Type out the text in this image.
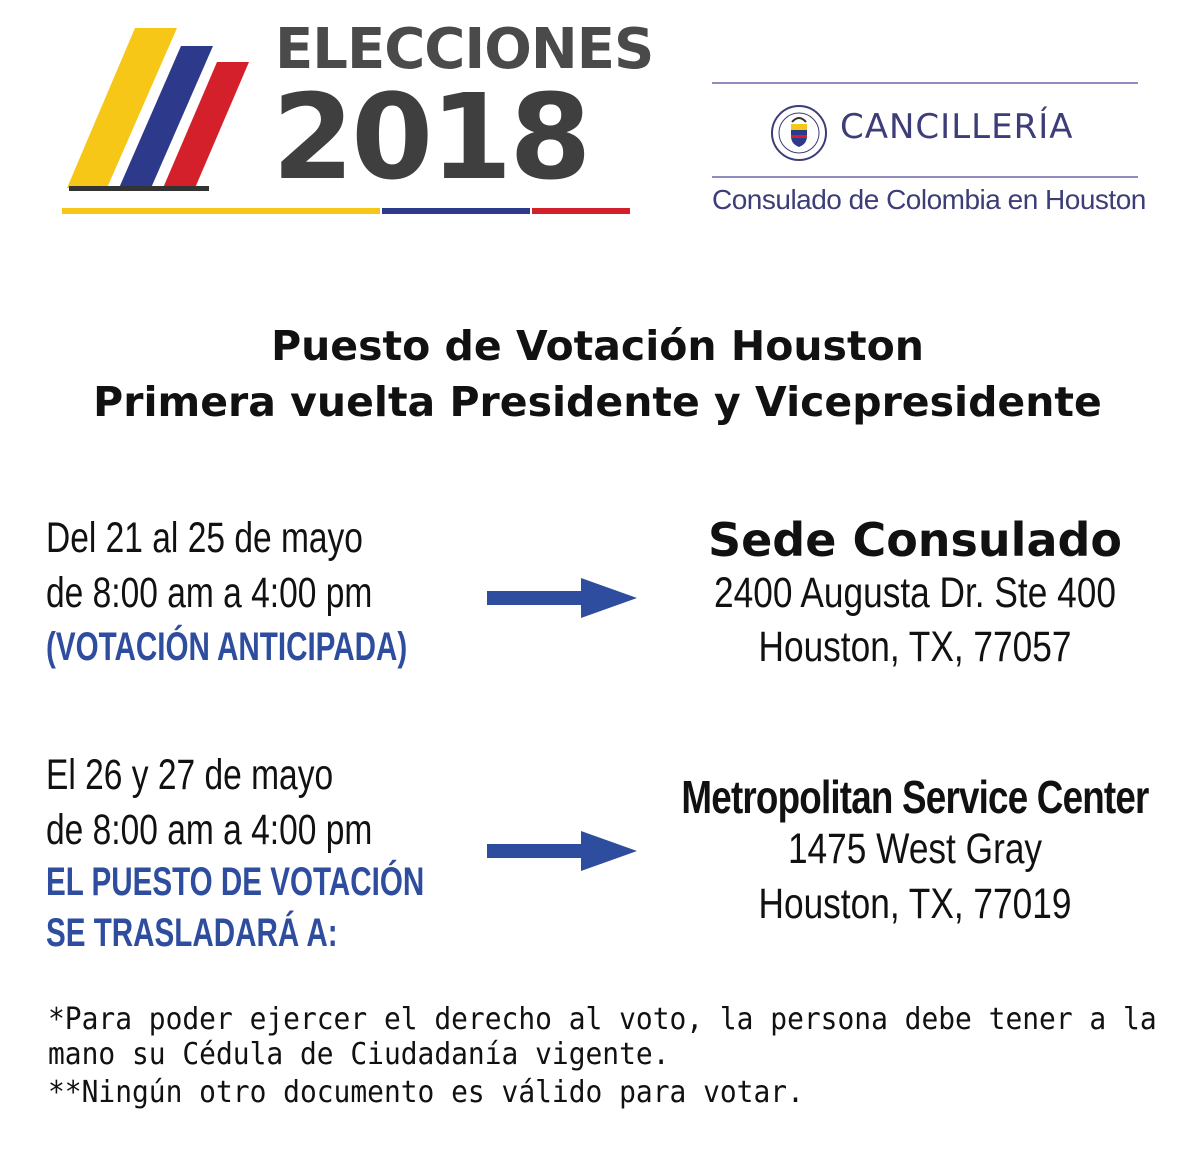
ELECCIONES
2018	CANCILLERÍA
Consulado de Colombia en Houston
Puesto de Votación Houston
Primera vuelta Presidente y Vicepresidente
Del 21 al 25 de mayo
de 8:00 am a 4:00 pm
(VOTACIÓN ANTICIPADA)
Sede Consulado
2400 Augusta Dr. Ste 400
Houston, TX, 77057
El 26 y 27 de mayo
de 8:00 am a 4:00 pm
EL PUESTO DE VOTACIÓN
SE TRASLADARÁ A:
Metropolitan Service Center
1475 West Gray
Houston, TX, 77019
*Para poder ejercer el derecho al voto, la persona debe tener a la
mano su Cédula de Ciudadanía vigente.
**Ningún otro documento es válido para votar.
